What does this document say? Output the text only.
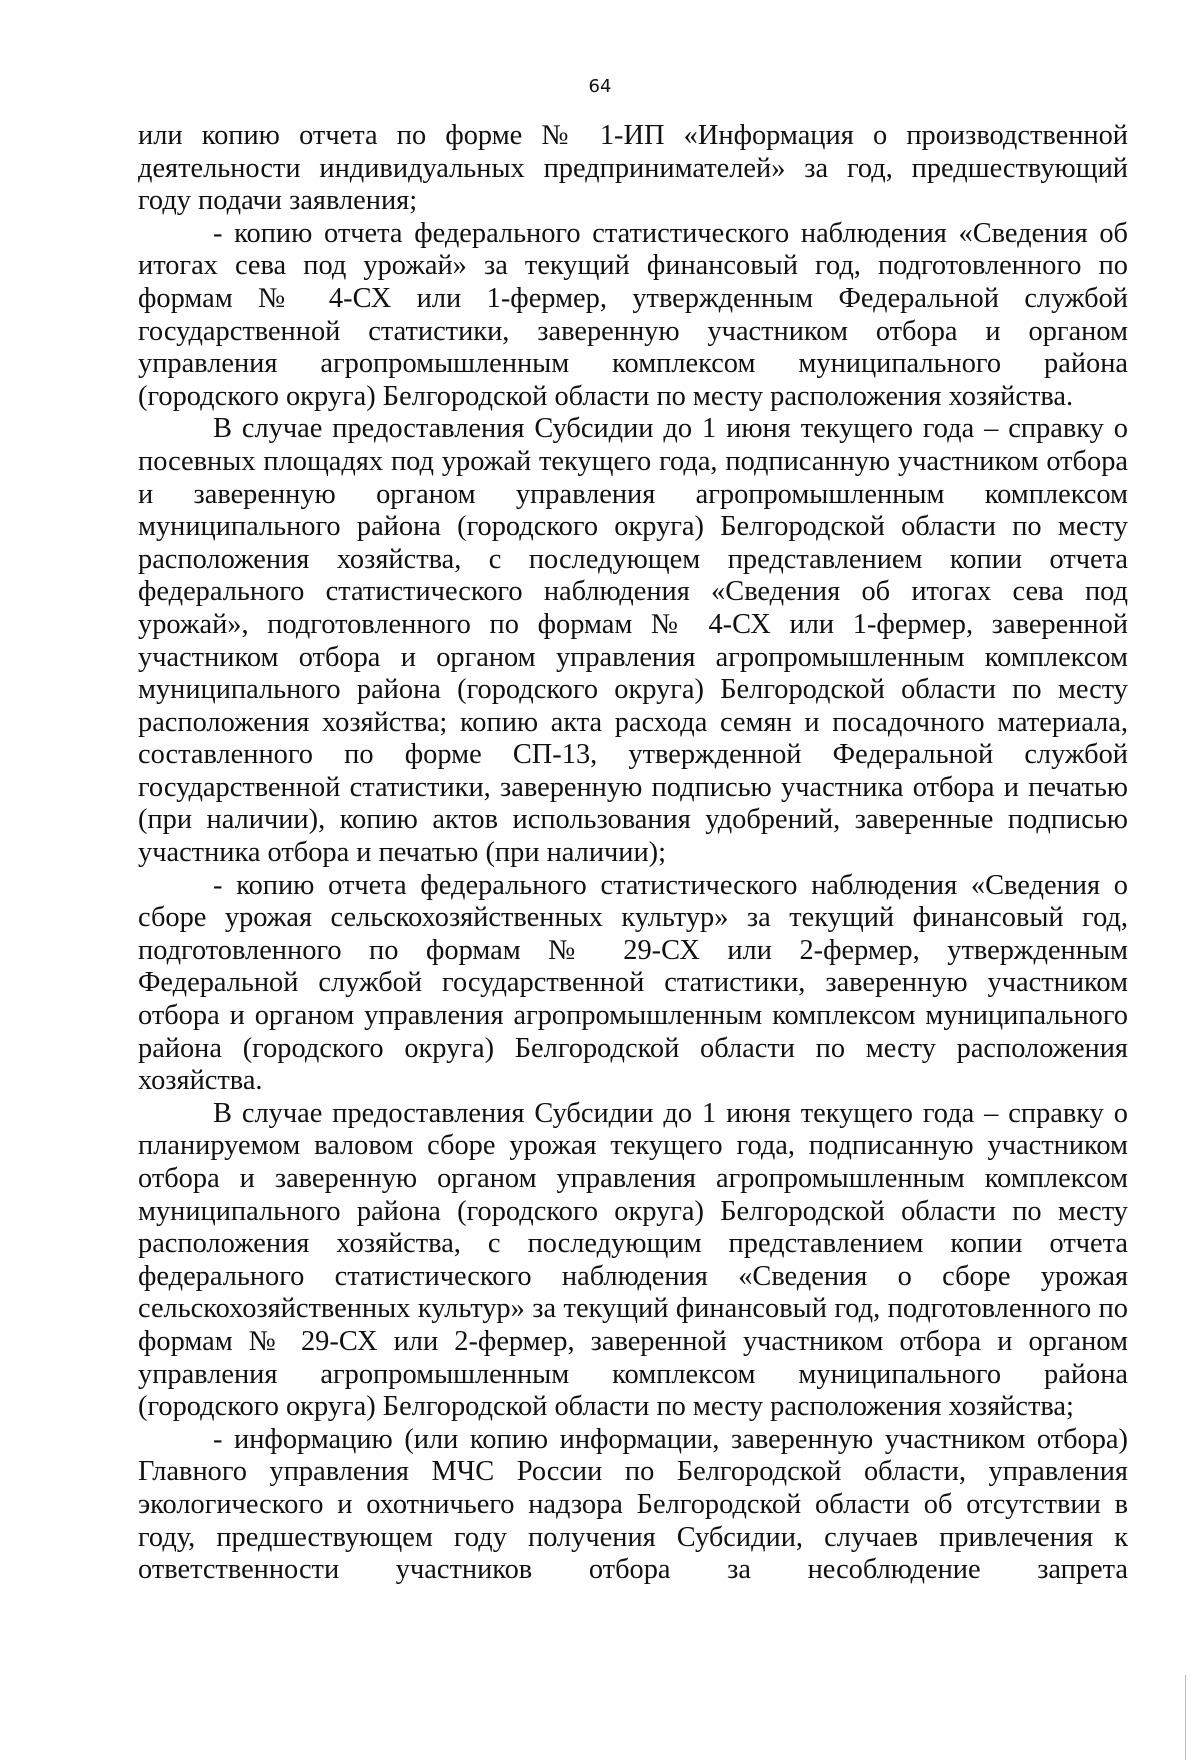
64

или копию отчета по форме № 1-ИП «Информация о производственной деятельности индивидуальных предпринимателей» за год, предшествующий году подачи заявления;

- копию отчета федерального статистического наблюдения «Сведения об итогах сева под урожай» за текущий финансовый год, подготовленного по формам № 4-СХ или 1-фермер, утвержденным Федеральной службой государственной статистики, заверенную участником отбора и органом управления агропромышленным комплексом муниципального района (городского округа) Белгородской области по месту расположения хозяйства.

В случае предоставления Субсидии до 1 июня текущего года – справку о посевных площадях под урожай текущего года, подписанную участником отбора и заверенную органом управления агропромышленным комплексом муниципального района (городского округа) Белгородской области по месту расположения хозяйства, с последующем представлением копии отчета федерального статистического наблюдения «Сведения об итогах сева под урожай», подготовленного по формам № 4-СХ или 1-фермер, заверенной участником отбора и органом управления агропромышленным комплексом муниципального района (городского округа) Белгородской области по месту расположения хозяйства; копию акта расхода семян и посадочного материала, составленного по форме СП-13, утвержденной Федеральной службой государственной статистики, заверенную подписью участника отбора и печатью (при наличии), копию актов использования удобрений, заверенные подписью участника отбора и печатью (при наличии);

- копию отчета федерального статистического наблюдения «Сведения о сборе урожая сельскохозяйственных культур» за текущий финансовый год, подготовленного по формам № 29-СХ или 2-фермер, утвержденным Федеральной службой государственной статистики, заверенную участником отбора и органом управления агропромышленным комплексом муниципального района (городского округа) Белгородской области по месту расположения хозяйства.

В случае предоставления Субсидии до 1 июня текущего года – справку о планируемом валовом сборе урожая текущего года, подписанную участником отбора и заверенную органом управления агропромышленным комплексом муниципального района (городского округа) Белгородской области по месту расположения хозяйства, с последующим представлением копии отчета федерального статистического наблюдения «Сведения о сборе урожая сельскохозяйственных культур» за текущий финансовый год, подготовленного по формам № 29-СХ или 2-фермер, заверенной участником отбора и органом управления агропромышленным комплексом муниципального района (городского округа) Белгородской области по месту расположения хозяйства;

- информацию (или копию информации, заверенную участником отбора) Главного управления МЧС России по Белгородской области, управления экологического и охотничьего надзора Белгородской области об отсутствии в году, предшествующем году получения Субсидии, случаев привлечения к ответственности участников отбора за несоблюдение запрета
